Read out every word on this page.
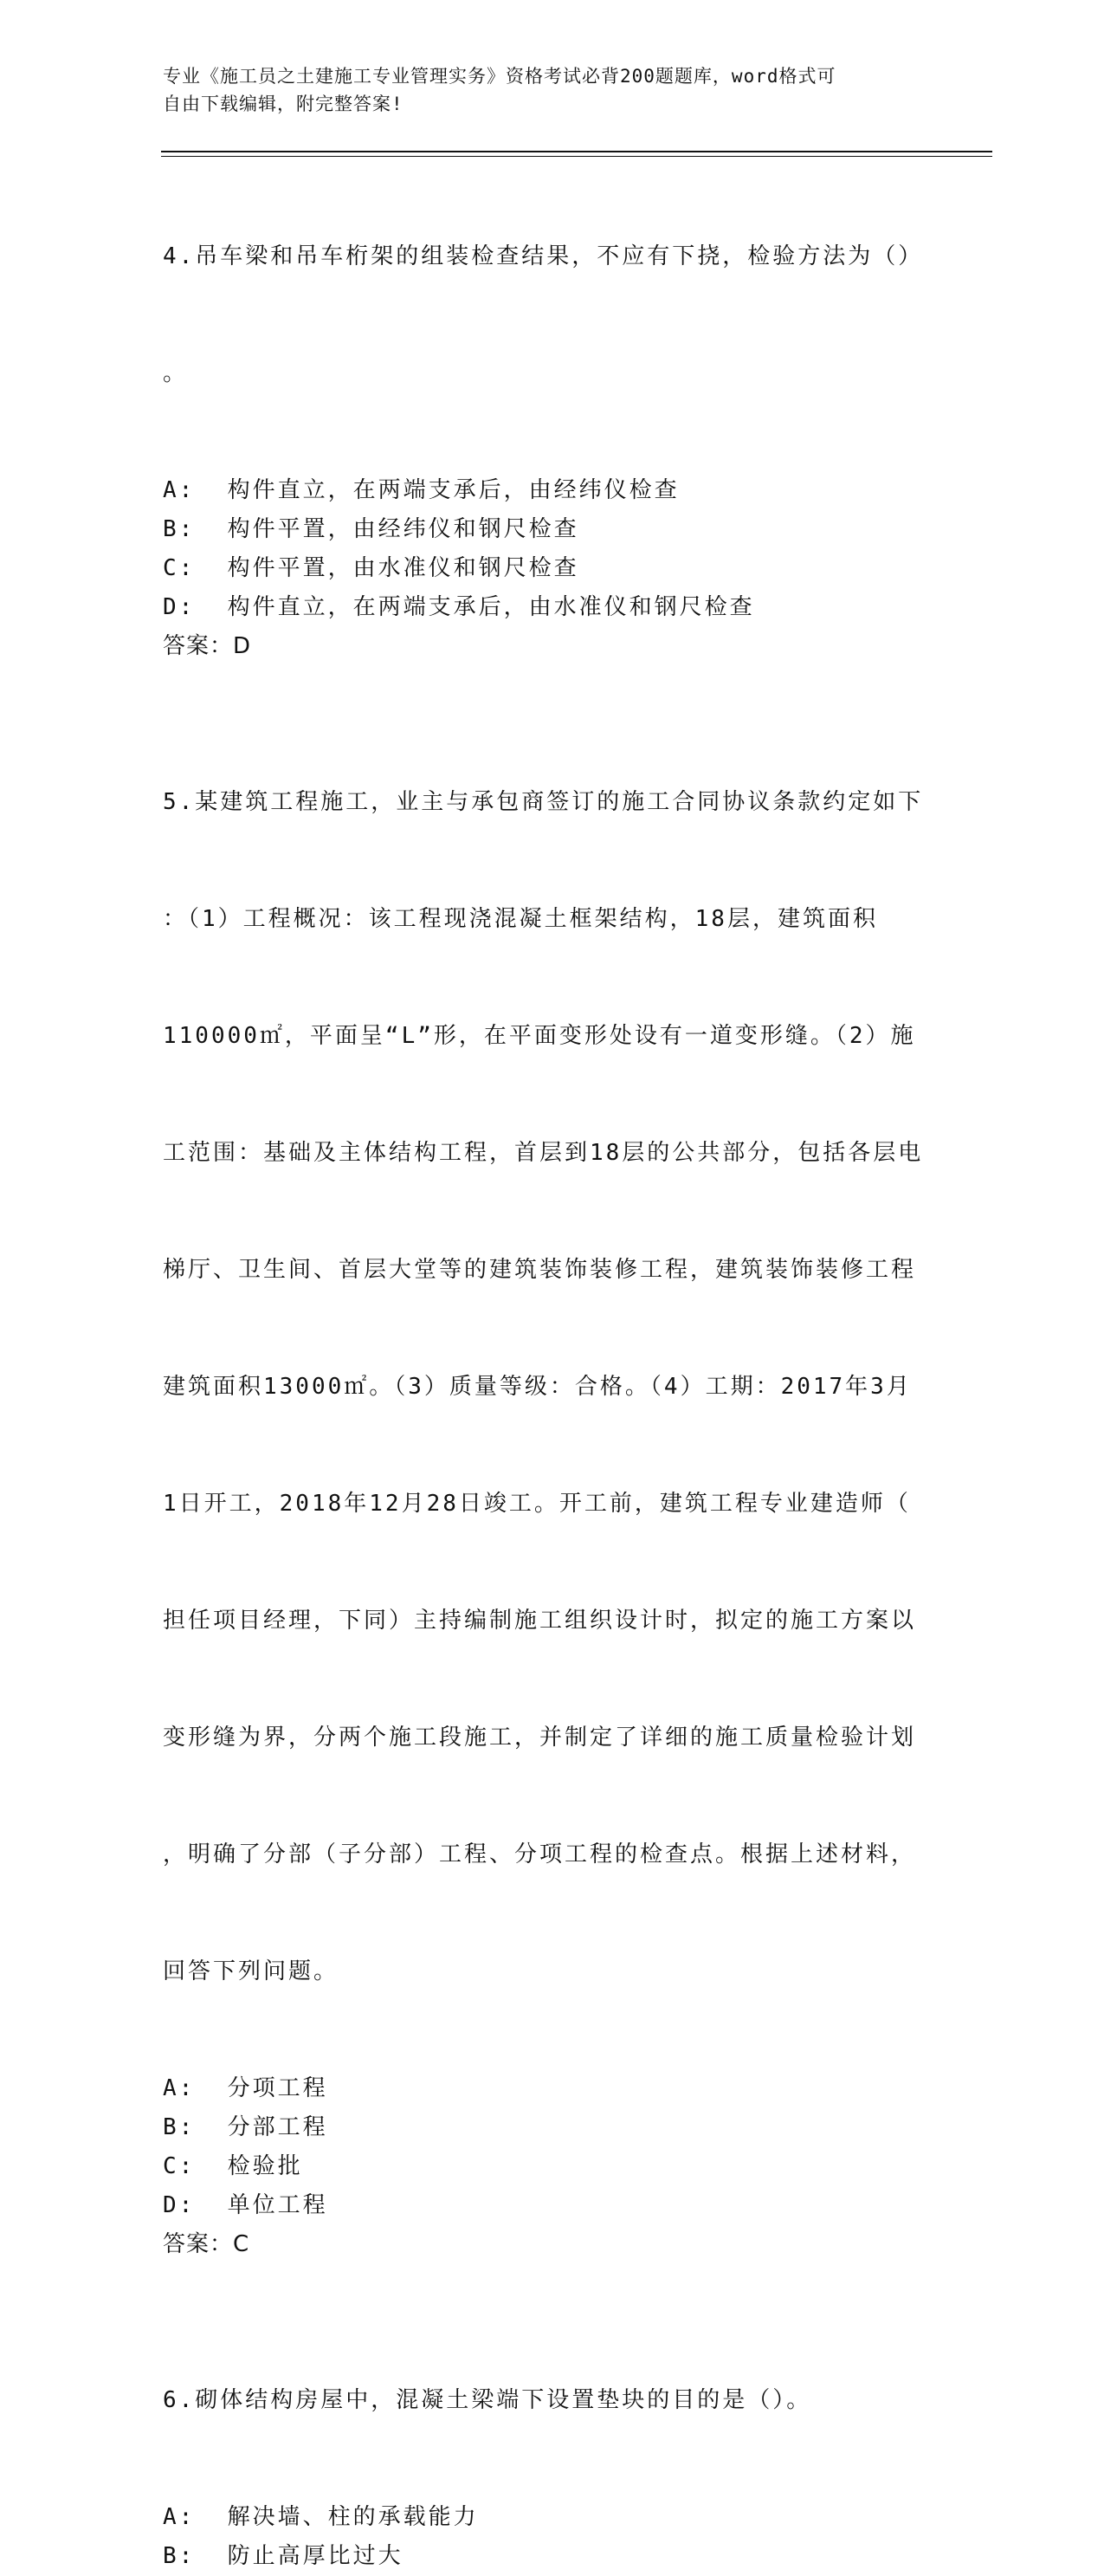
专业《施工员之土建施工专业管理实务》资格考试必背200题题库，word格式可
自由下载编辑，附完整答案!

4.吊车梁和吊车桁架的组装检查结果，不应有下挠，检验方法为（）

。

A:  构件直立，在两端支承后，由经纬仪检查
B:  构件平置，由经纬仪和钢尺检查
C:  构件平置，由水准仪和钢尺检查
D:  构件直立，在两端支承后，由水准仪和钢尺检查
答案：D

5.某建筑工程施工，业主与承包商签订的施工合同协议条款约定如下

：（1）工程概况：该工程现浇混凝土框架结构，18层，建筑面积

110000㎡，平面呈“L”形，在平面变形处设有一道变形缝。（2）施

工范围：基础及主体结构工程，首层到18层的公共部分，包括各层电

梯厅、卫生间、首层大堂等的建筑装饰装修工程，建筑装饰装修工程

建筑面积13000㎡。（3）质量等级：合格。（4）工期：2017年3月

1日开工，2018年12月28日竣工。开工前，建筑工程专业建造师（

担任项目经理，下同）主持编制施工组织设计时，拟定的施工方案以

变形缝为界，分两个施工段施工，并制定了详细的施工质量检验计划

，明确了分部（子分部）工程、分项工程的检查点。根据上述材料，

回答下列问题。

A:  分项工程
B:  分部工程
C:  检验批
D:  单位工程
答案：C

6.砌体结构房屋中，混凝土梁端下设置垫块的目的是（）。

A:  解决墙、柱的承载能力
B:  防止高厚比过大
